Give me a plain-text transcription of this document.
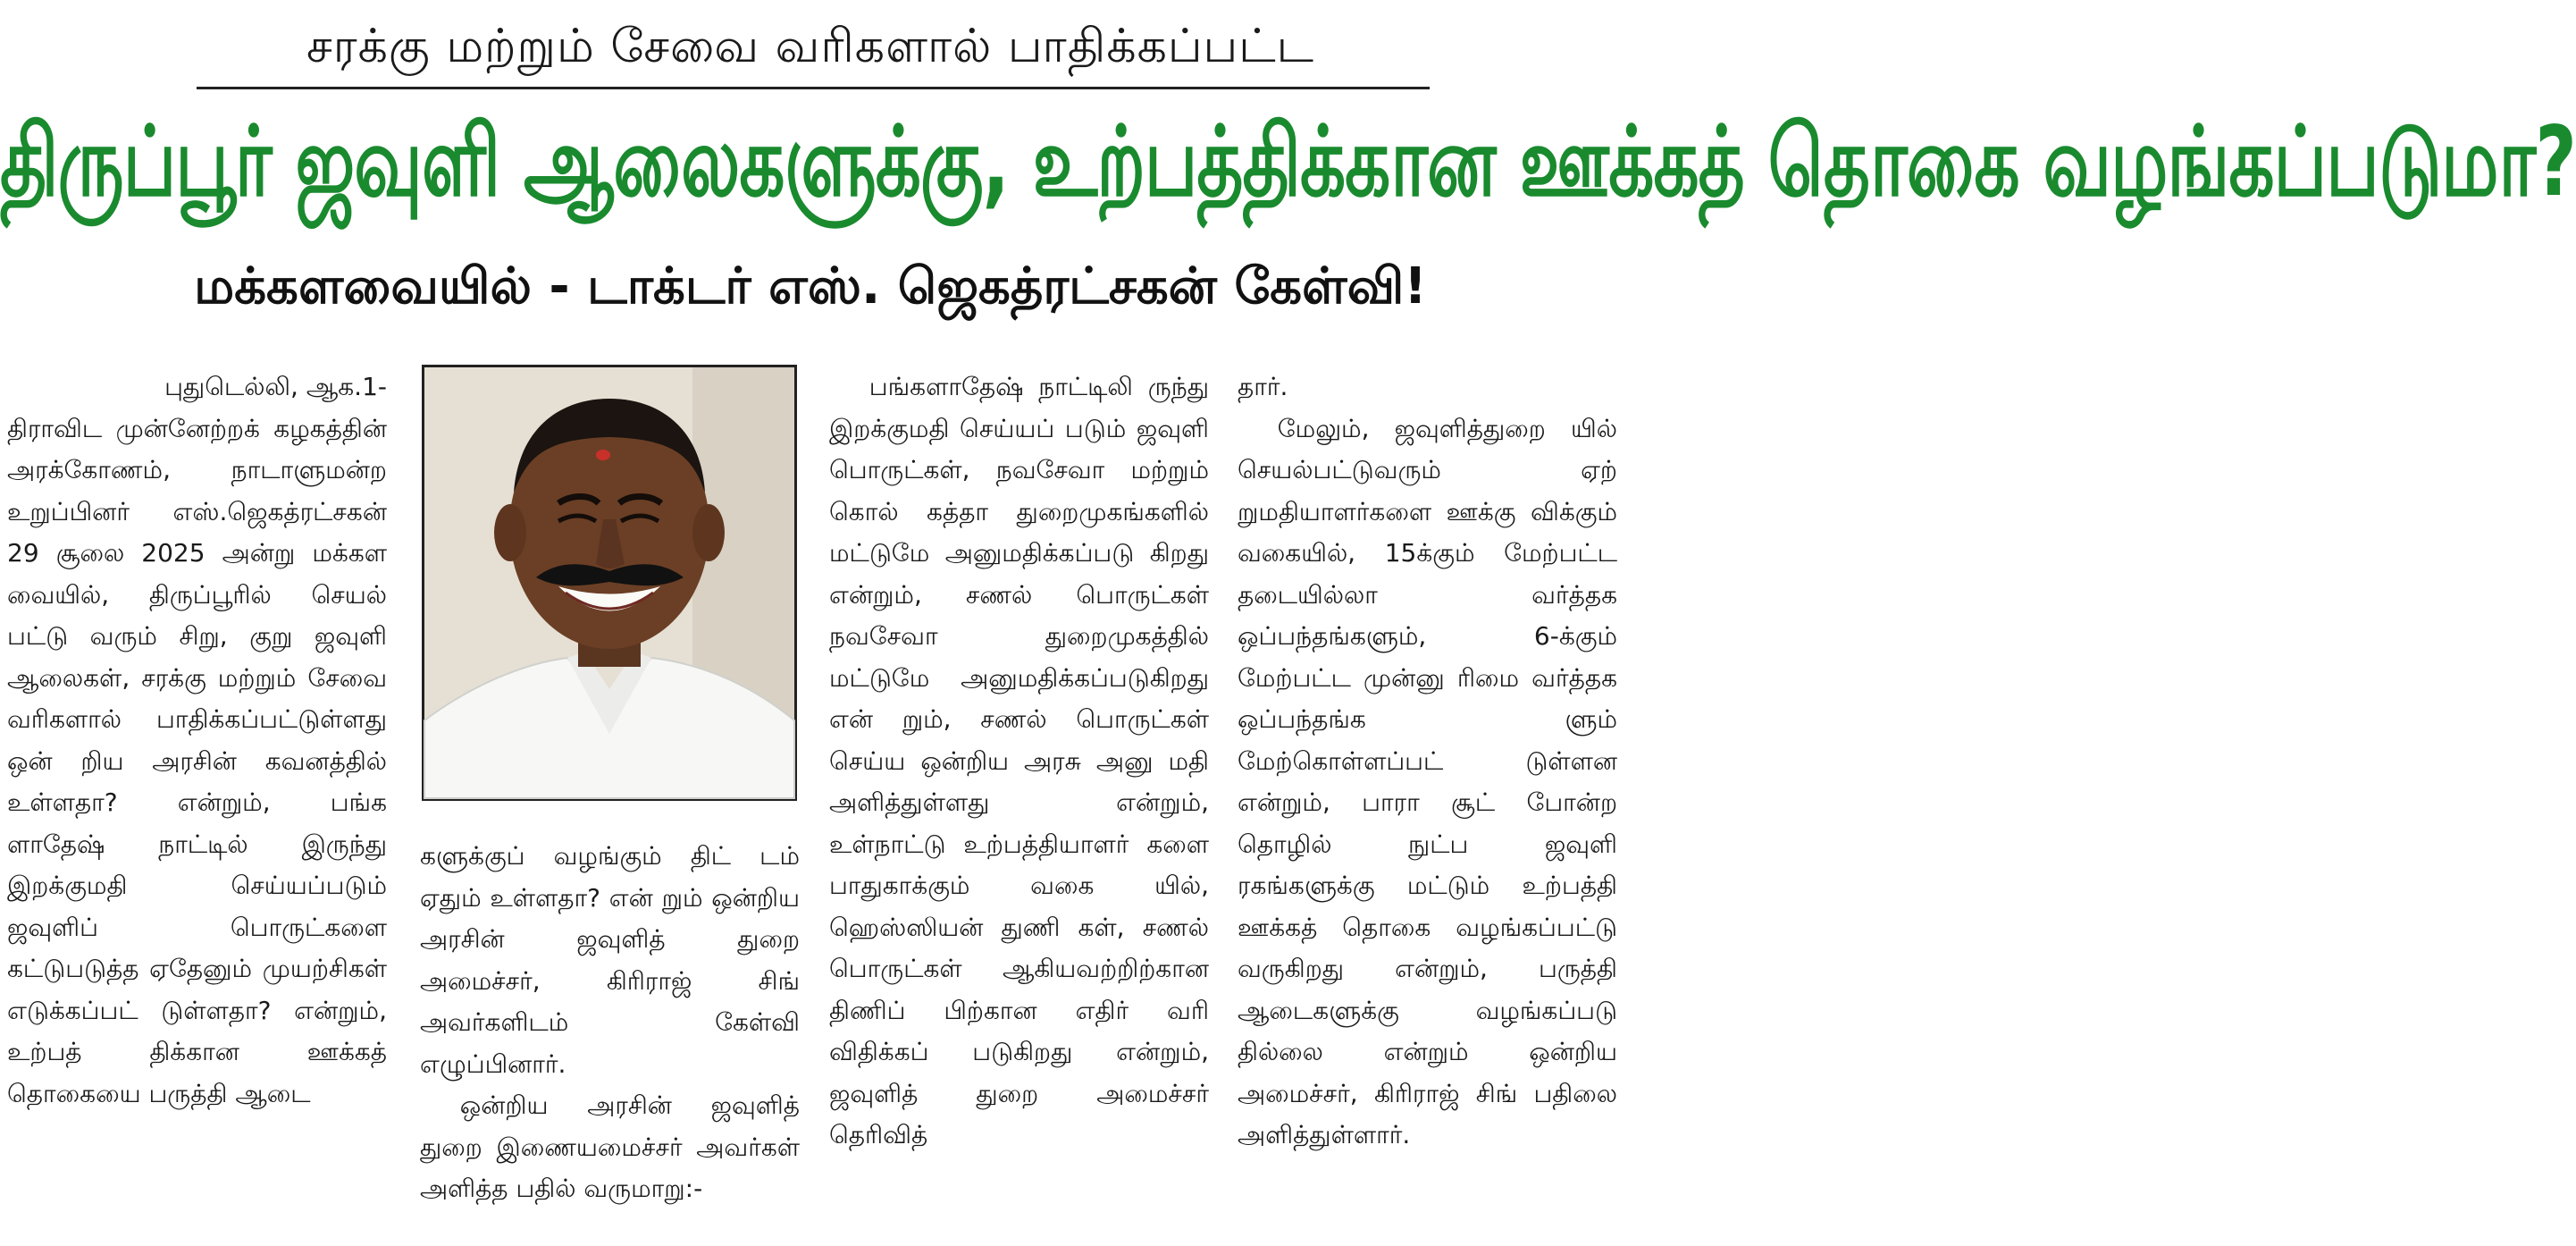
சரக்கு மற்றும் சேவை வரிகளால் பாதிக்கப்பட்ட
திருப்பூர் ஜவுளி ஆலைகளுக்கு, உற்பத்திக்கான ஊக்கத் தொகை வழங்கப்படுமா?
மக்களவையில் - டாக்டர் எஸ். ஜெகத்ரட்சகன் கேள்வி!

புதுடெல்லி, ஆக.1-

திராவிட முன்னேற்றக் கழகத்தின் அரக்கோணம், நாடாளுமன்ற உறுப்பினர் எஸ்.ஜெகத்ரட்சகன் 29 சூலை 2025 அன்று மக்கள வையில், திருப்பூரில் செயல் பட்டு வரும் சிறு, குறு ஜவுளி ஆலைகள், சரக்கு மற்றும் சேவை வரிகளால் பாதிக்கப்பட்டுள்ளது ஒன் றிய அரசின் கவனத்தில் உள்ளதா? என்றும், பங்க ளாதேஷ் நாட்டில் இருந்து இறக்குமதி செய்யப்படும் ஜவுளிப் பொருட்களை கட்டுபடுத்த ஏதேனும் முயற்சிகள் எடுக்கப்பட் டுள்ளதா? என்றும், உற்பத் திக்கான ஊக்கத் தொகையை பருத்தி ஆடை

களுக்குப் வழங்கும் திட் டம் ஏதும் உள்ளதா? என் றும் ஒன்றிய அரசின் ஜவுளித் துறை அமைச்சர், கிரிராஜ் சிங் அவர்களிடம் கேள்வி எழுப்பினார்.

ஒன்றிய அரசின் ஜவுளித் துறை இணையமைச்சர் அவர்கள் அளித்த பதில் வருமாறு:-

பங்களாதேஷ் நாட்டிலி ருந்து இறக்குமதி செய்யப் படும் ஜவுளி பொருட்கள், நவசேவா மற்றும் கொல் கத்தா துறைமுகங்களில் மட்டுமே அனுமதிக்கப்படு கிறது என்றும், சணல் பொருட்கள் நவசேவா துறைமுகத்தில் மட்டுமே அனுமதிக்கப்படுகிறது என் றும், சணல் பொருட்கள் செய்ய ஒன்றிய அரசு அனு மதி அளித்துள்ளது என்றும், உள்நாட்டு உற்பத்தியாளர் களை பாதுகாக்கும் வகை யில், ஹெஸ்ஸியன் துணி கள், சணல் பொருட்கள் ஆகியவற்றிற்கான திணிப் பிற்கான எதிர் வரி விதிக்கப் படுகிறது என்றும், ஜவுளித் துறை அமைச்சர் தெரிவித்

தார்.

மேலும், ஜவுளித்துறை யில் செயல்பட்டுவரும் ஏற் றுமதியாளர்களை ஊக்கு விக்கும் வகையில், 15க்கும் மேற்பட்ட தடையில்லா வர்த்தக ஒப்பந்தங்களும், 6-க்கும் மேற்பட்ட முன்னு ரிமை வர்த்தக ஒப்பந்தங்க ளும் மேற்கொள்ளப்பட் டுள்ளன என்றும், பாரா சூட் போன்ற தொழில் நுட்ப ஜவுளி ரகங்களுக்கு மட்டும் உற்பத்தி ஊக்கத் தொகை வழங்கப்பட்டு வருகிறது என்றும், பருத்தி ஆடைகளுக்கு வழங்கப்படு தில்லை என்றும் ஒன்றிய அமைச்சர், கிரிராஜ் சிங் பதிலை அளித்துள்ளார்.
